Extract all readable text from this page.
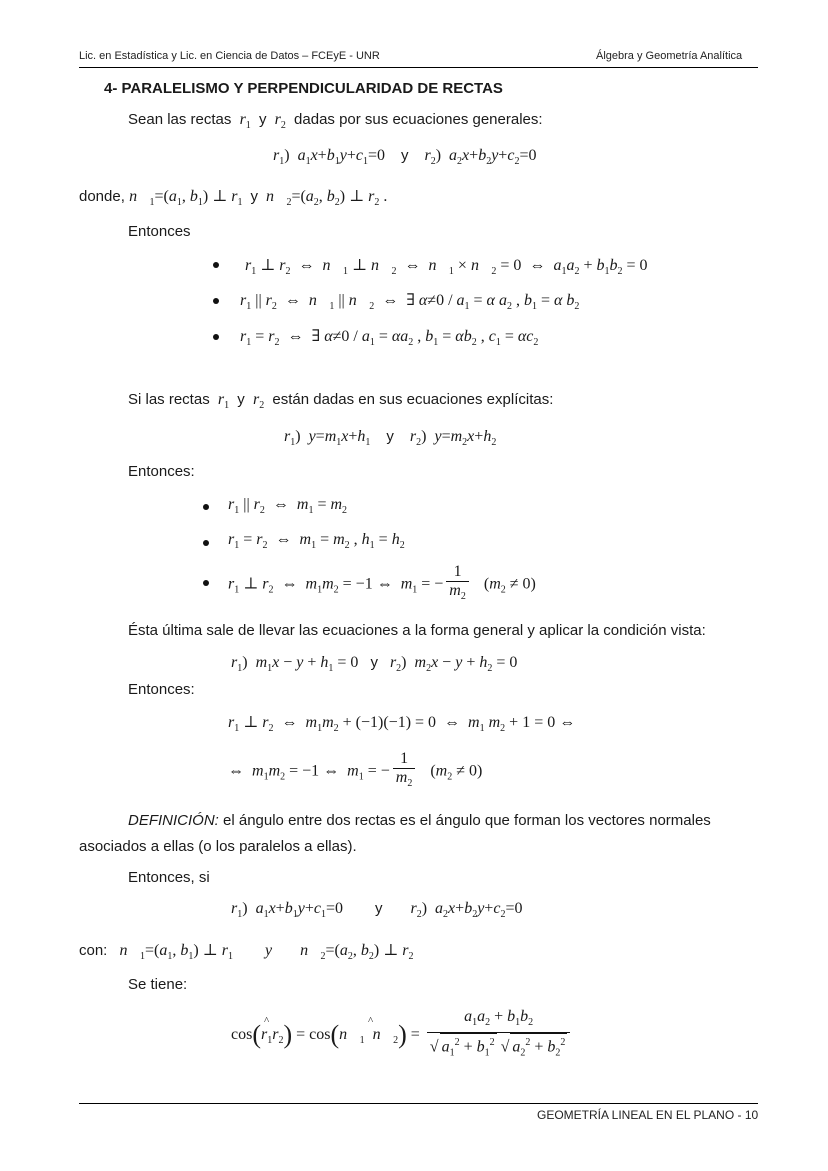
Lic. en Estadística y Lic. en Ciencia de Datos – FCEyE - UNR	Álgebra y Geometría Analítica
4- PARALELISMO Y PERPENDICULARIDAD DE RECTAS
Sean las rectas $r_1$ y $r_2$ dadas por sus ecuaciones generales:
$r_1$)  $a_1x+b_1y+c_1=0$    y $r_2$)  $a_2x+b_2y+c_2=0$
donde, $n⃗_1=(a_1$, $b_1$) ⊥ $r_1$ y $n⃗_2=(a_2$, $b_2$) ⊥ $r_2$ .
Entonces
$r_1$ ⊥ $r_2$  ⇔  $n⃗_1$ ⊥ $n⃗_2$  ⇔  $n⃗_1$ × $n⃗_2 = 0$  ⇔  $a_1a_2 + b_1b_2 = 0$
$r_1$ || $r_2$  ⇔  $n⃗_1$ || $n⃗_2$  ⇔  ∃ $\alpha\ne 0 / a_1 = \alpha$ $a_2$ , $b_1 = \alpha$ $b_2$
$r_1 = r_2$  ⇔  ∃ $\alpha\ne 0 / a_1 = \alpha a_2$ , $b_1 = \alpha b_2$ , $c_1 = \alpha c_2$
Si las rectas $r_1$ y $r_2$ están dadas en sus ecuaciones explícitas:
$r_1$)  $y=m_1x+h_1$ y $r_2$)  $y=m_2x+h_2$
Entonces:
$r_1$ || $r_2$  ⇔  $m_1 = m_2$
$r_1 = r_2$  ⇔  $m_1 = m_2$ , $h_1 = h_2$
$r_1$ ⊥ $r_2$  ⇔  $m_1m_2 = -1$ ⇔  $m_1$ = − $\frac{1}{m_2} (m_2 \ne 0)$
Ésta última sale de llevar las ecuaciones a la forma general y aplicar la condición vista:
$r_1$)  $m_1x - y + h_1 = 0$   y $r_2$)  $m_2x - y + h_2 = 0$
Entonces:
$r_1$ ⊥ $r_2$  ⇔  $m_1m_2 + (-1)(-1) = 0$  ⇔  $m_1$ $m_2 + 1 = 0$ ⇔
⇔  $m_1m_2 = -1$ ⇔  $m_1$ = − $\frac{1}{m_2} (m_2 \ne 0)$
DEFINICIÓN: el ángulo entre dos rectas es el ángulo que forman los vectores normales
asociados a ellas (o los paralelos a ellas).
Entonces, si
$r_1$)  $a_1x+b_1y+c_1=0$        y $r_2$)  $a_2x+b_2y+c_2=0$
con: $n⃗_1=(a_1$, $b_1$) ⊥ $r_1$ y $n⃗_2=(a_2$, $b_2$) ⊥ $r_2$
Se tiene:
cos(^ $r_1r_2$) = $\cos(n⃗_1$ ^ $n⃗_2) = \frac{a_1a_2 + b_1b_2}{√ a_1^2 + b_1^2 √ a_2^2 + b_2^2}$
GEOMETRÍA LINEAL EN EL PLANO - 10
